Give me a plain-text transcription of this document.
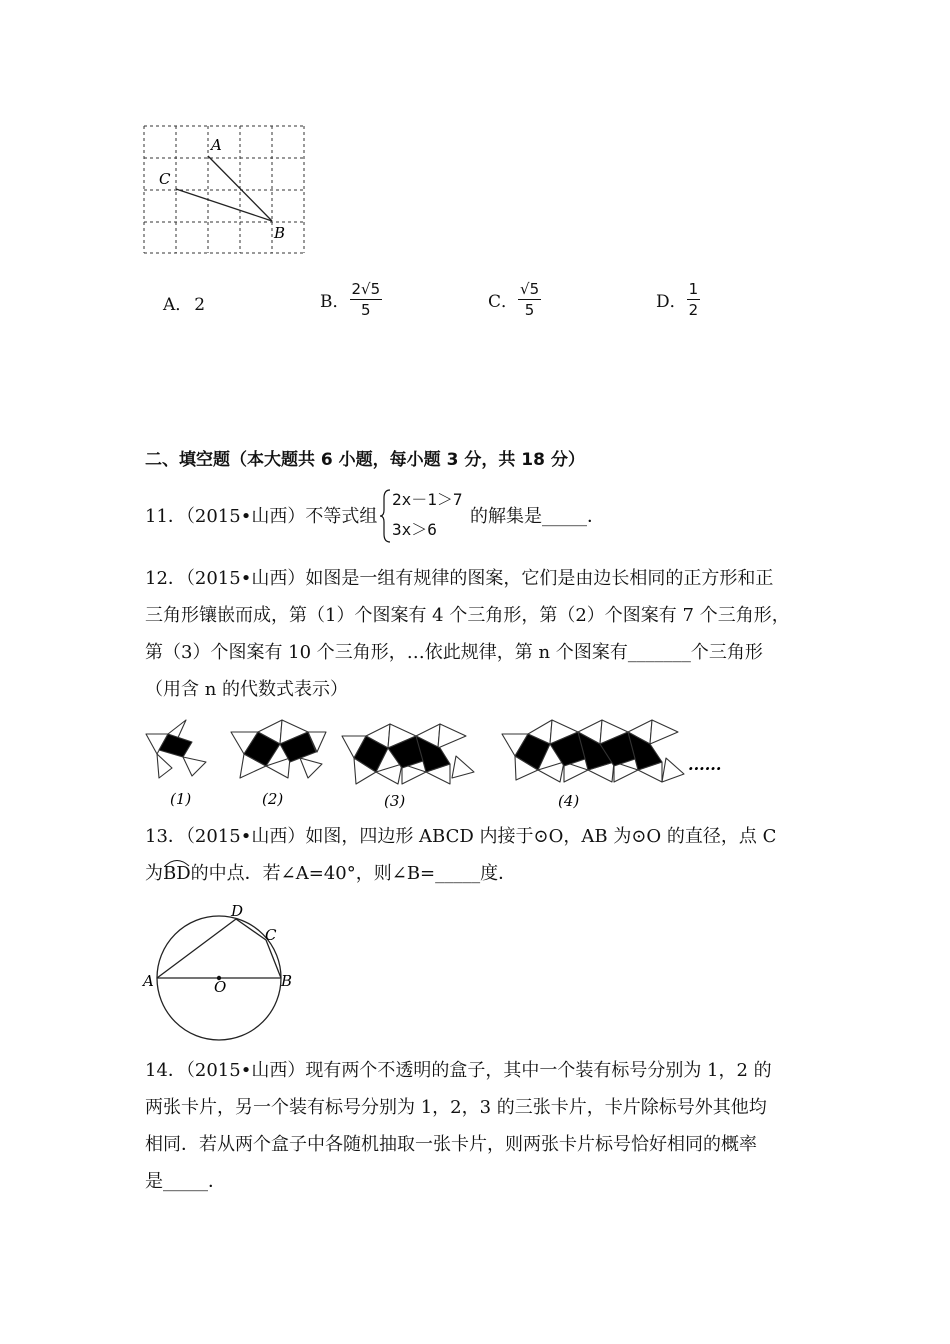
A
C
B
A． 2	B． $\frac{2√5}{5}$	C． $\frac{√5}{5}$	D． $\frac{1}{2}$
二、填空题（本大题共 6 小题，每小题 3 分，共 18 分）
11．（2015•山西）不等式组
2x－1＞7
3x＞6
的解集是_____．
12．（2015•山西）如图是一组有规律的图案，它们是由边长相同的正方形和正
三角形镶嵌而成，第（1）个图案有 4 个三角形，第（2）个图案有 7 个三角形，
第（3）个图案有 10 个三角形，…依此规律，第 n 个图案有_______个三角形
（用含 n 的代数式表示）
......
(1)	(2)	(3)	(4)
13．（2015•山西）如图，四边形 ABCD 内接于⊙O，AB 为⊙O 的直径，点 C
为
BD的中点．若∠A=40°，则∠B=_____度．
A	B
C
D
O
14．（2015•山西）现有两个不透明的盒子，其中一个装有标号分别为 1，2 的
两张卡片，另一个装有标号分别为 1，2，3 的三张卡片，卡片除标号外其他均
相同．若从两个盒子中各随机抽取一张卡片，则两张卡片标号恰好相同的概率
是_____．
